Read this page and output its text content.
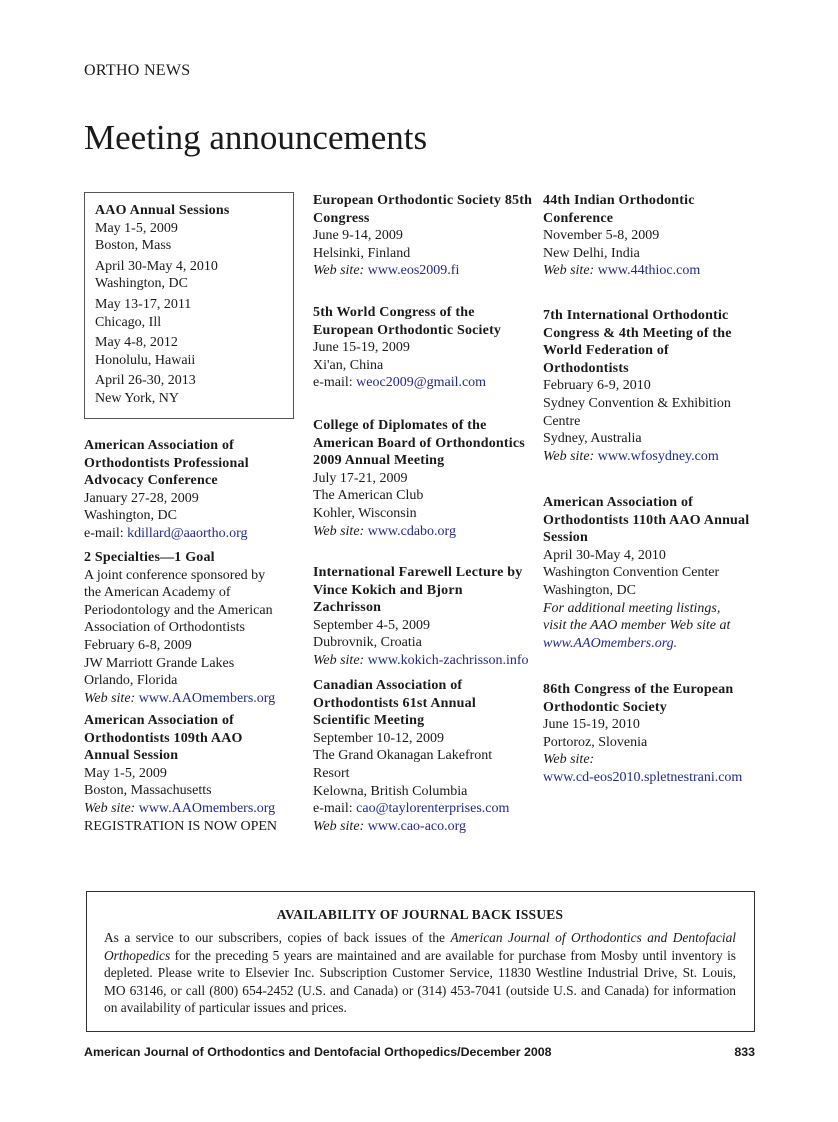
ORTHO NEWS
Meeting announcements
AAO Annual Sessions
May 1-5, 2009
Boston, Mass
April 30-May 4, 2010
Washington, DC
May 13-17, 2011
Chicago, Ill
May 4-8, 2012
Honolulu, Hawaii
April 26-30, 2013
New York, NY
American Association of Orthodontists Professional Advocacy Conference
January 27-28, 2009
Washington, DC
e-mail: kdillard@aaortho.org
2 Specialties—1 Goal
A joint conference sponsored by
the American Academy of
Periodontology and the American
Association of Orthodontists
February 6-8, 2009
JW Marriott Grande Lakes
Orlando, Florida
Web site: www.AAOmembers.org
American Association of Orthodontists 109th AAO Annual Session
May 1-5, 2009
Boston, Massachusetts
Web site: www.AAOmembers.org
REGISTRATION IS NOW OPEN
European Orthodontic Society 85th Congress
June 9-14, 2009
Helsinki, Finland
Web site: www.eos2009.fi
5th World Congress of the European Orthodontic Society
June 15-19, 2009
Xi'an, China
e-mail: weoc2009@gmail.com
College of Diplomates of the American Board of Orthondontics 2009 Annual Meeting
July 17-21, 2009
The American Club
Kohler, Wisconsin
Web site: www.cdabo.org
International Farewell Lecture by Vince Kokich and Bjorn Zachrisson
September 4-5, 2009
Dubrovnik, Croatia
Web site: www.kokich-zachrisson.info
Canadian Association of Orthodontists 61st Annual Scientific Meeting
September 10-12, 2009
The Grand Okanagan Lakefront
Resort
Kelowna, British Columbia
e-mail: cao@taylorenterprises.com
Web site: www.cao-aco.org
44th Indian Orthodontic Conference
November 5-8, 2009
New Delhi, India
Web site: www.44thioc.com
7th International Orthodontic Congress & 4th Meeting of the World Federation of Orthodontists
February 6-9, 2010
Sydney Convention & Exhibition
Centre
Sydney, Australia
Web site: www.wfosydney.com
American Association of Orthodontists 110th AAO Annual Session
April 30-May 4, 2010
Washington Convention Center
Washington, DC
For additional meeting listings,
visit the AAO member Web site at
www.AAOmembers.org.
86th Congress of the European Orthodontic Society
June 15-19, 2010
Portoroz, Slovenia
Web site:
www.cd-eos2010.spletnestrani.com
AVAILABILITY OF JOURNAL BACK ISSUES
As a service to our subscribers, copies of back issues of the American Journal of Orthodontics and Dentofacial Orthopedics for the preceding 5 years are maintained and are available for purchase from Mosby until inventory is depleted. Please write to Elsevier Inc. Subscription Customer Service, 11830 Westline Industrial Drive, St. Louis, MO 63146, or call (800) 654-2452 (U.S. and Canada) or (314) 453-7041 (outside U.S. and Canada) for information on availability of particular issues and prices.
American Journal of Orthodontics and Dentofacial Orthopedics/December 2008	833
